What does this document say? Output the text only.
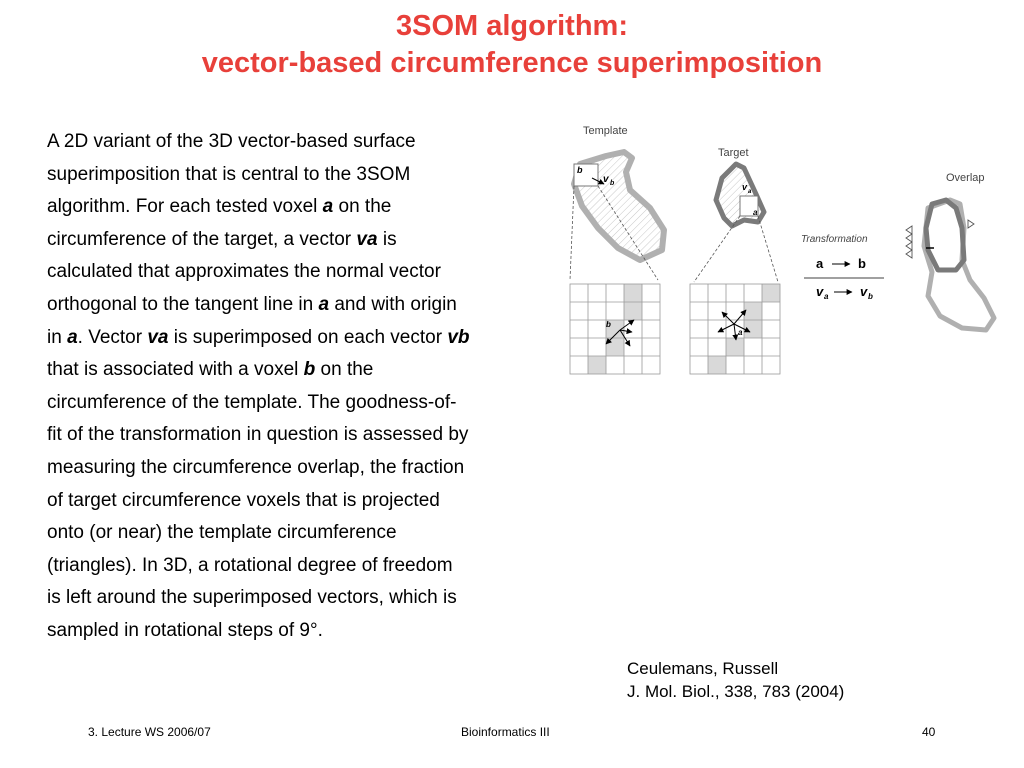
3SOM algorithm:
vector-based circumference superimposition
A 2D variant of the 3D vector-based surface
superimposition that is central to the 3SOM
algorithm. For each tested voxel a on the
circumference of the target, a vector va is
calculated that approximates the normal vector
orthogonal to the tangent line in a and with origin
in a. Vector va is superimposed on each vector vb
that is associated with a voxel b on the
circumference of the template. The goodness-of-
fit of the transformation in question is assessed by
measuring the circumference overlap, the fraction
of target circumference voxels that is projected
onto (or near) the template circumference
(triangles). In 3D, a rotational degree of freedom
is left around the superimposed vectors, which is
sampled in rotational steps of 9°.
Template
b
v b
b
Target
v a
a
a
Transformation
a	b
v a v b
Overlap
Ceulemans, Russell
J. Mol. Biol., 338, 783 (2004)
3. Lecture WS 2006/07	Bioinformatics III	40
